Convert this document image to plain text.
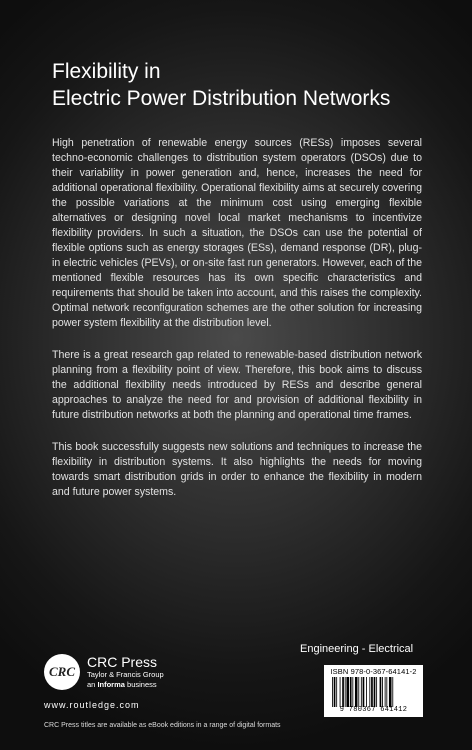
Flexibility in
Electric Power Distribution Networks

High penetration of renewable energy sources (RESs) imposes several techno-economic challenges to distribution system operators (DSOs) due to their variability in power generation and, hence, increases the need for additional operational flexibility. Operational flexibility aims at securely covering the possible variations at the minimum cost using emerging flexible alternatives or designing novel local market mechanisms to incentivize flexibility providers. In such a situation, the DSOs can use the potential of flexible options such as energy storages (ESs), demand response (DR), plug-in electric vehicles (PEVs), or on-site fast run generators. However, each of the mentioned flexible resources has its own specific characteristics and requirements that should be taken into account, and this raises the complexity. Optimal network reconfiguration schemes are the other solution for increasing power system flexibility at the distribution level.

There is a great research gap related to renewable-based distribution network planning from a flexibility point of view. Therefore, this book aims to discuss the additional flexibility needs introduced by RESs and describe general approaches to analyze the need for and provision of additional flexibility in future distribution networks at both the planning and operational time frames.

This book successfully suggests new solutions and techniques to increase the flexibility in distribution systems. It also highlights the needs for moving towards smart distribution grids in order to enhance the flexibility in modern and future power systems.

Engineering - Electrical
ISBN 978-0-367-64141-2
9 780367 641412
CRC
CRC Press
Taylor & Francis Group
an Informa business
www.routledge.com
CRC Press titles are available as eBook editions in a range of digital formats
